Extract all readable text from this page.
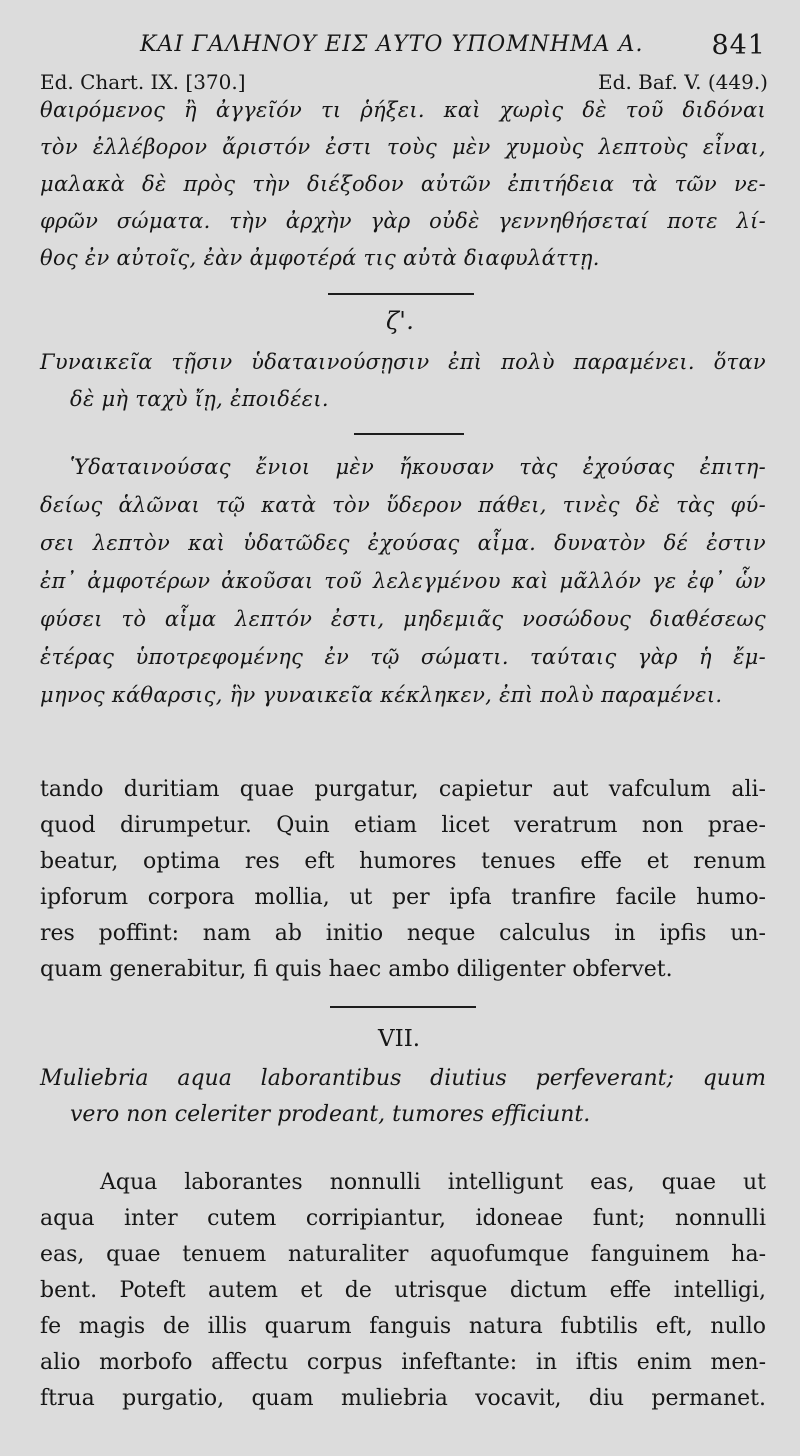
ΚΑΙ ΓΑΛΗΝΟΥ ΕΙΣ ΑΥΤΟ ΥΠΟΜΝΗΜΑ Α.	841
Ed. Chart. IX. [370.]	Ed. Baf. V. (449.)
θαιρόμενος ἢ ἀγγεῖόν τι ῥήξει. καὶ χωρὶς δὲ τοῦ διδόναι
τὸν ἐλλέβορον ἄριστόν ἐστι τοὺς μὲν χυμοὺς λεπτοὺς εἶναι,
μαλακὰ δὲ πρὸς τὴν διέξοδον αὐτῶν ἐπιτήδεια τὰ τῶν νε-
φρῶν σώματα. τὴν ἀρχὴν γὰρ οὐδὲ γεννηθήσεταί ποτε λί-
θος ἐν αὐτοῖς, ἐὰν ἀμφοτέρά τις αὐτὰ διαφυλάττῃ.
ζ'.
Γυναικεῖα τῇσιν ὑδαταινούσῃσιν ἐπὶ πολὺ παραμένει. ὅταν
δὲ μὴ ταχὺ ἴῃ, ἐποιδέει.
Ὑδαταινούσας ἔνιοι μὲν ἤκουσαν τὰς ἐχούσας ἐπιτη-
δείως ἁλῶναι τῷ κατὰ τὸν ὕδερον πάθει, τινὲς δὲ τὰς φύ-
σει λεπτὸν καὶ ὑδατῶδες ἐχούσας αἷμα. δυνατὸν δέ ἐστιν
ἐπ᾽ ἀμφοτέρων ἀκοῦσαι τοῦ λελεγμένου καὶ μᾶλλόν γε ἐφ᾽ ὧν
φύσει τὸ αἷμα λεπτόν ἐστι, μηδεμιᾶς νοσώδους διαθέσεως
ἑτέρας ὑποτρεφομένης ἐν τῷ σώματι. ταύταις γὰρ ἡ ἔμ-
μηνος κάθαρσις, ἣν γυναικεῖα κέκληκεν, ἐπὶ πολὺ παραμένει.
tando duritiam quae purgatur, capietur aut vafculum ali-
quod dirumpetur. Quin etiam licet veratrum non prae-
beatur, optima res eft humores tenues effe et renum
ipforum corpora mollia, ut per ipfa tranfire facile humo-
res poffint: nam ab initio neque calculus in ipfis un-
quam generabitur, fi quis haec ambo diligenter obfervet.
VII.
Muliebria aqua laborantibus diutius perfeverant; quum
vero non celeriter prodeant, tumores efficiunt.
Aqua laborantes nonnulli intelligunt eas, quae ut
aqua inter cutem corripiantur, idoneae funt; nonnulli
eas, quae tenuem naturaliter aquofumque fanguinem ha-
bent. Poteft autem et de utrisque dictum effe intelligi,
fe magis de illis quarum fanguis natura fubtilis eft, nullo
alio morbofo affectu corpus infeftante: in iftis enim men-
ftrua purgatio, quam muliebria vocavit, diu permanet.
